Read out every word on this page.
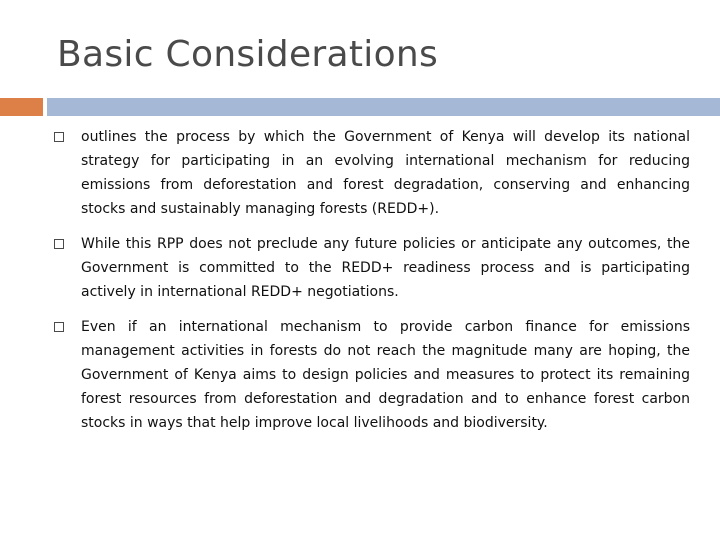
Basic Considerations
outlines the process by which the Government of Kenya will develop its national strategy for participating in an evolving international mechanism for reducing emissions from deforestation and forest degradation, conserving and enhancing stocks and sustainably managing forests (REDD+).
While this RPP does not preclude any future policies or anticipate any outcomes, the Government is committed to the REDD+ readiness process and is participating actively in international REDD+ negotiations.
Even if an international mechanism to provide carbon finance for emissions management activities in forests do not reach the magnitude many are hoping, the Government of Kenya aims to design policies and measures to protect its remaining forest resources from deforestation and degradation and to enhance forest carbon stocks in ways that help improve local livelihoods and biodiversity.
